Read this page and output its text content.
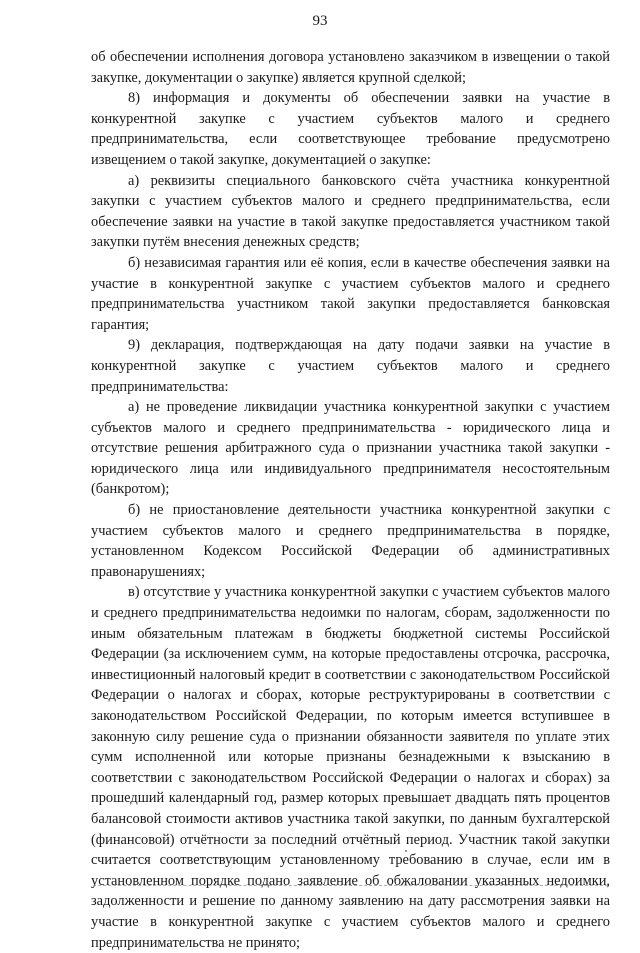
93

об обеспечении исполнения договора установлено заказчиком в извещении о такой закупке, документации о закупке) является крупной сделкой;

8) информация и документы об обеспечении заявки на участие в конкурентной закупке с участием субъектов малого и среднего предпринимательства, если соответствующее требование предусмотрено извещением о такой закупке, документацией о закупке:

а) реквизиты специального банковского счёта участника конкурентной закупки с участием субъектов малого и среднего предпринимательства, если обеспечение заявки на участие в такой закупке предоставляется участником такой закупки путём внесения денежных средств;

б) независимая гарантия или её копия, если в качестве обеспечения заявки на участие в конкурентной закупке с участием субъектов малого и среднего предпринимательства участником такой закупки предоставляется банковская гарантия;

9) декларация, подтверждающая на дату подачи заявки на участие в конкурентной закупке с участием субъектов малого и среднего предпринимательства:

а) не проведение ликвидации участника конкурентной закупки с участием субъектов малого и среднего предпринимательства - юридического лица и отсутствие решения арбитражного суда о признании участника такой закупки - юридического лица или индивидуального предпринимателя несостоятельным (банкротом);

б) не приостановление деятельности участника конкурентной закупки с участием субъектов малого и среднего предпринимательства в порядке, установленном Кодексом Российской Федерации об административных правонарушениях;

в) отсутствие у участника конкурентной закупки с участием субъектов малого и среднего предпринимательства недоимки по налогам, сборам, задолженности по иным обязательным платежам в бюджеты бюджетной системы Российской Федерации (за исключением сумм, на которые предоставлены отсрочка, рассрочка, инвестиционный налоговый кредит в соответствии с законодательством Российской Федерации о налогах и сборах, которые реструктурированы в соответствии с законодательством Российской Федерации, по которым имеется вступившее в законную силу решение суда о признании обязанности заявителя по уплате этих сумм исполненной или которые признаны безнадежными к взысканию в соответствии с законодательством Российской Федерации о налогах и сборах) за прошедший календарный год, размер которых превышает двадцать пять процентов балансовой стоимости активов участника такой закупки, по данным бухгалтерской (финансовой) отчётности за последний отчётный период. Участник такой закупки считается соответствующим установленному требованию в случае, если им в установленном порядке подано заявление об обжаловании указанных недоимки, задолженности и решение по данному заявлению на дату рассмотрения заявки на участие в конкурентной закупке с участием субъектов малого и среднего предпринимательства не принято;
